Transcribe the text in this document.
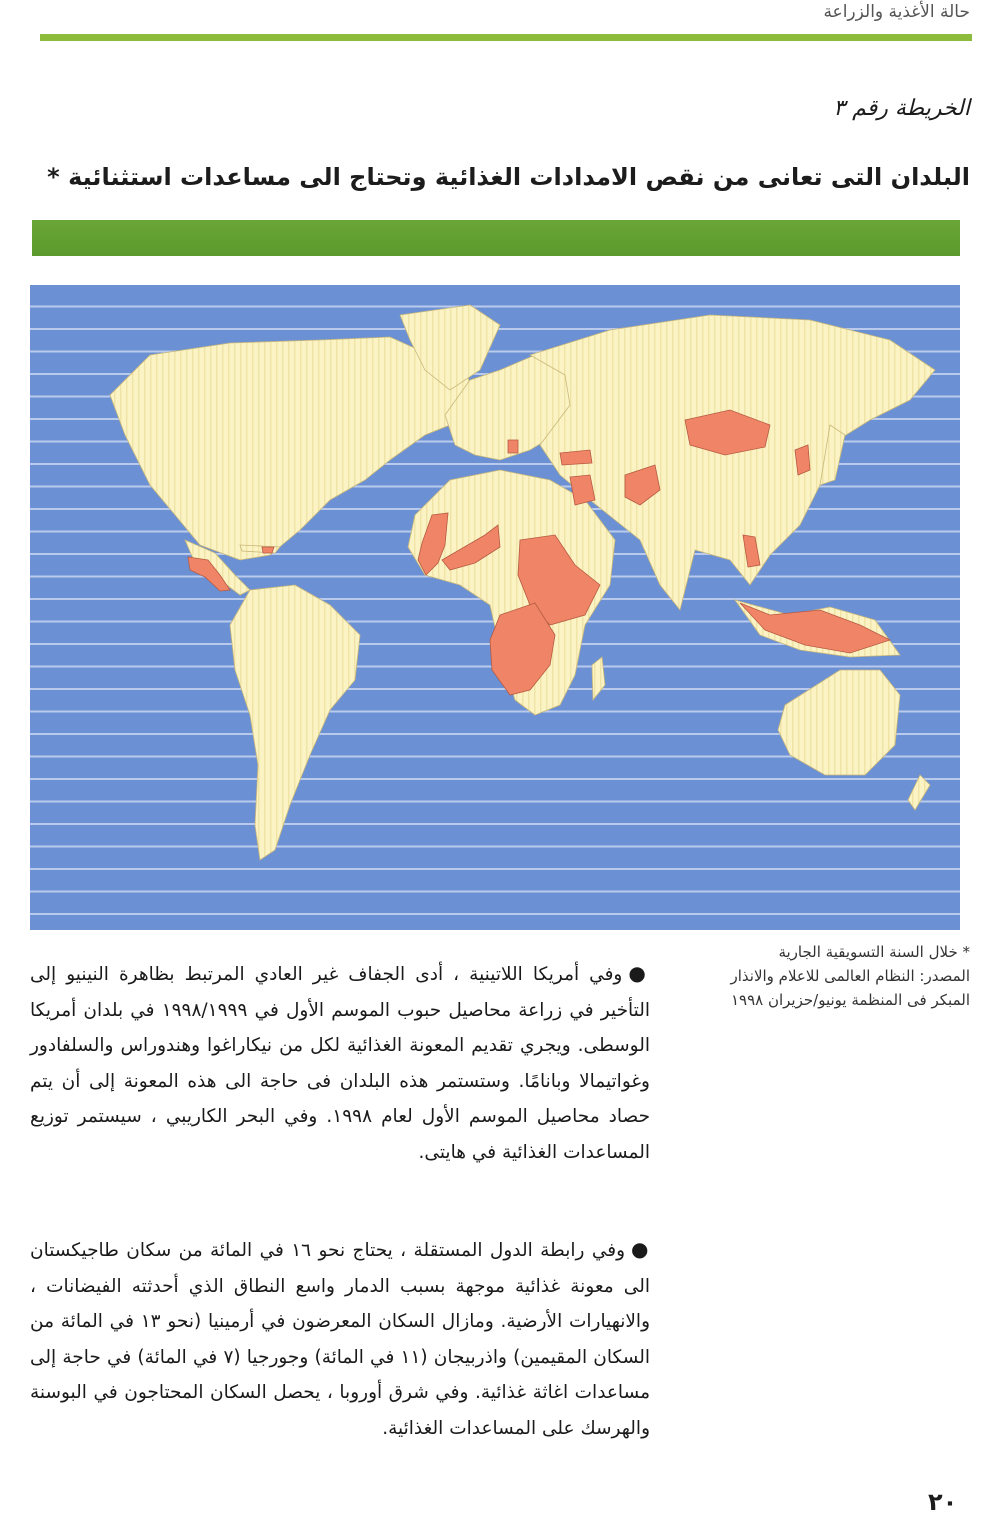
حالة الأغذية والزراعة
الخريطة رقم ٣
البلدان التى تعانى من نقص الامدادات الغذائية وتحتاج الى مساعدات استثنائية *
* خلال السنة التسويقية الجارية
المصدر: النظام العالمى للاعلام والانذار
المبكر فى المنظمة يونيو/حزيران ١٩٩٨
●وفي أمريكا اللاتينية ، أدى الجفاف غير العادي المرتبط بظاهرة النينيو إلى التأخير في زراعة محاصيل حبوب الموسم الأول في ١٩٩٨/١٩٩٩ في بلدان أمريكا الوسطى. ويجري تقديم المعونة الغذائية لكل من نيكاراغوا وهندوراس والسلفادور وغواتيمالا وبانامًا. وستستمر هذه البلدان فى حاجة الى هذه المعونة إلى أن يتم حصاد محاصيل الموسم الأول لعام ١٩٩٨. وفي البحر الكاريبي ، سيستمر توزيع المساعدات الغذائية في هايتى.
●وفي رابطة الدول المستقلة ، يحتاج نحو ١٦ في المائة من سكان طاجيكستان الى معونة غذائية موجهة بسبب الدمار واسع النطاق الذي أحدثته الفيضانات ، والانهيارات الأرضية. ومازال السكان المعرضون في أرمينيا (نحو ١٣ في المائة من السكان المقيمين) واذربيجان (١١ في المائة) وجورجيا (٧ في المائة) في حاجة إلى مساعدات اغاثة غذائية. وفي شرق أوروبا ، يحصل السكان المحتاجون في البوسنة والهرسك على المساعدات الغذائية.
٢٠
